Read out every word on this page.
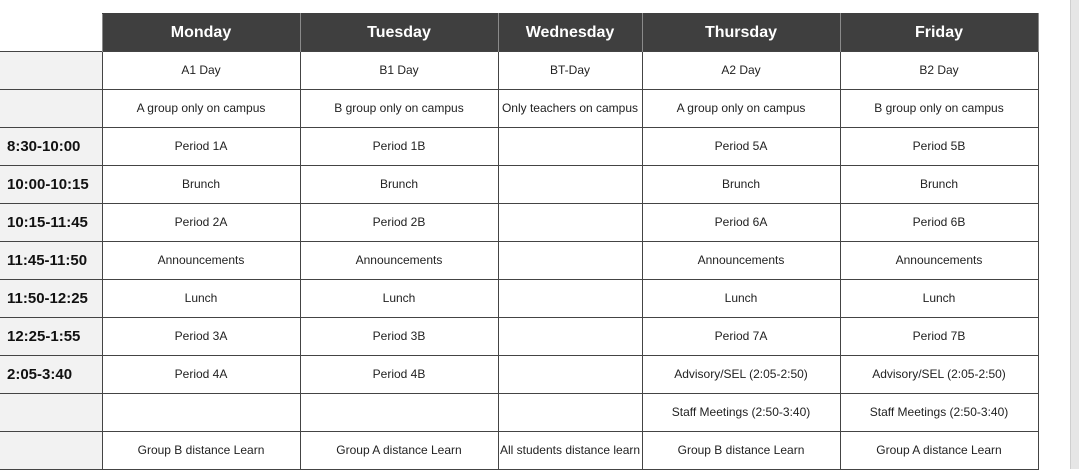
	Monday	Tuesday	Wednesday	Thursday	Friday
	A1 Day	B1 Day	BT-Day	A2 Day	B2 Day
	A group only on campus	B group only on campus	Only teachers on campus	A group only on campus	B group only on campus
8:30-10:00	Period 1A	Period 1B		Period 5A	Period 5B
10:00-10:15	Brunch	Brunch		Brunch	Brunch
10:15-11:45	Period 2A	Period 2B		Period 6A	Period 6B
11:45-11:50	Announcements	Announcements		Announcements	Announcements
11:50-12:25	Lunch	Lunch		Lunch	Lunch
12:25-1:55	Period 3A	Period 3B		Period 7A	Period 7B
2:05-3:40	Period 4A	Period 4B		Advisory/SEL (2:05-2:50)	Advisory/SEL (2:05-2:50)
				Staff Meetings (2:50-3:40)	Staff Meetings (2:50-3:40)
	Group B distance Learn	Group A distance Learn	All students distance learn	Group B distance Learn	Group A distance Learn
